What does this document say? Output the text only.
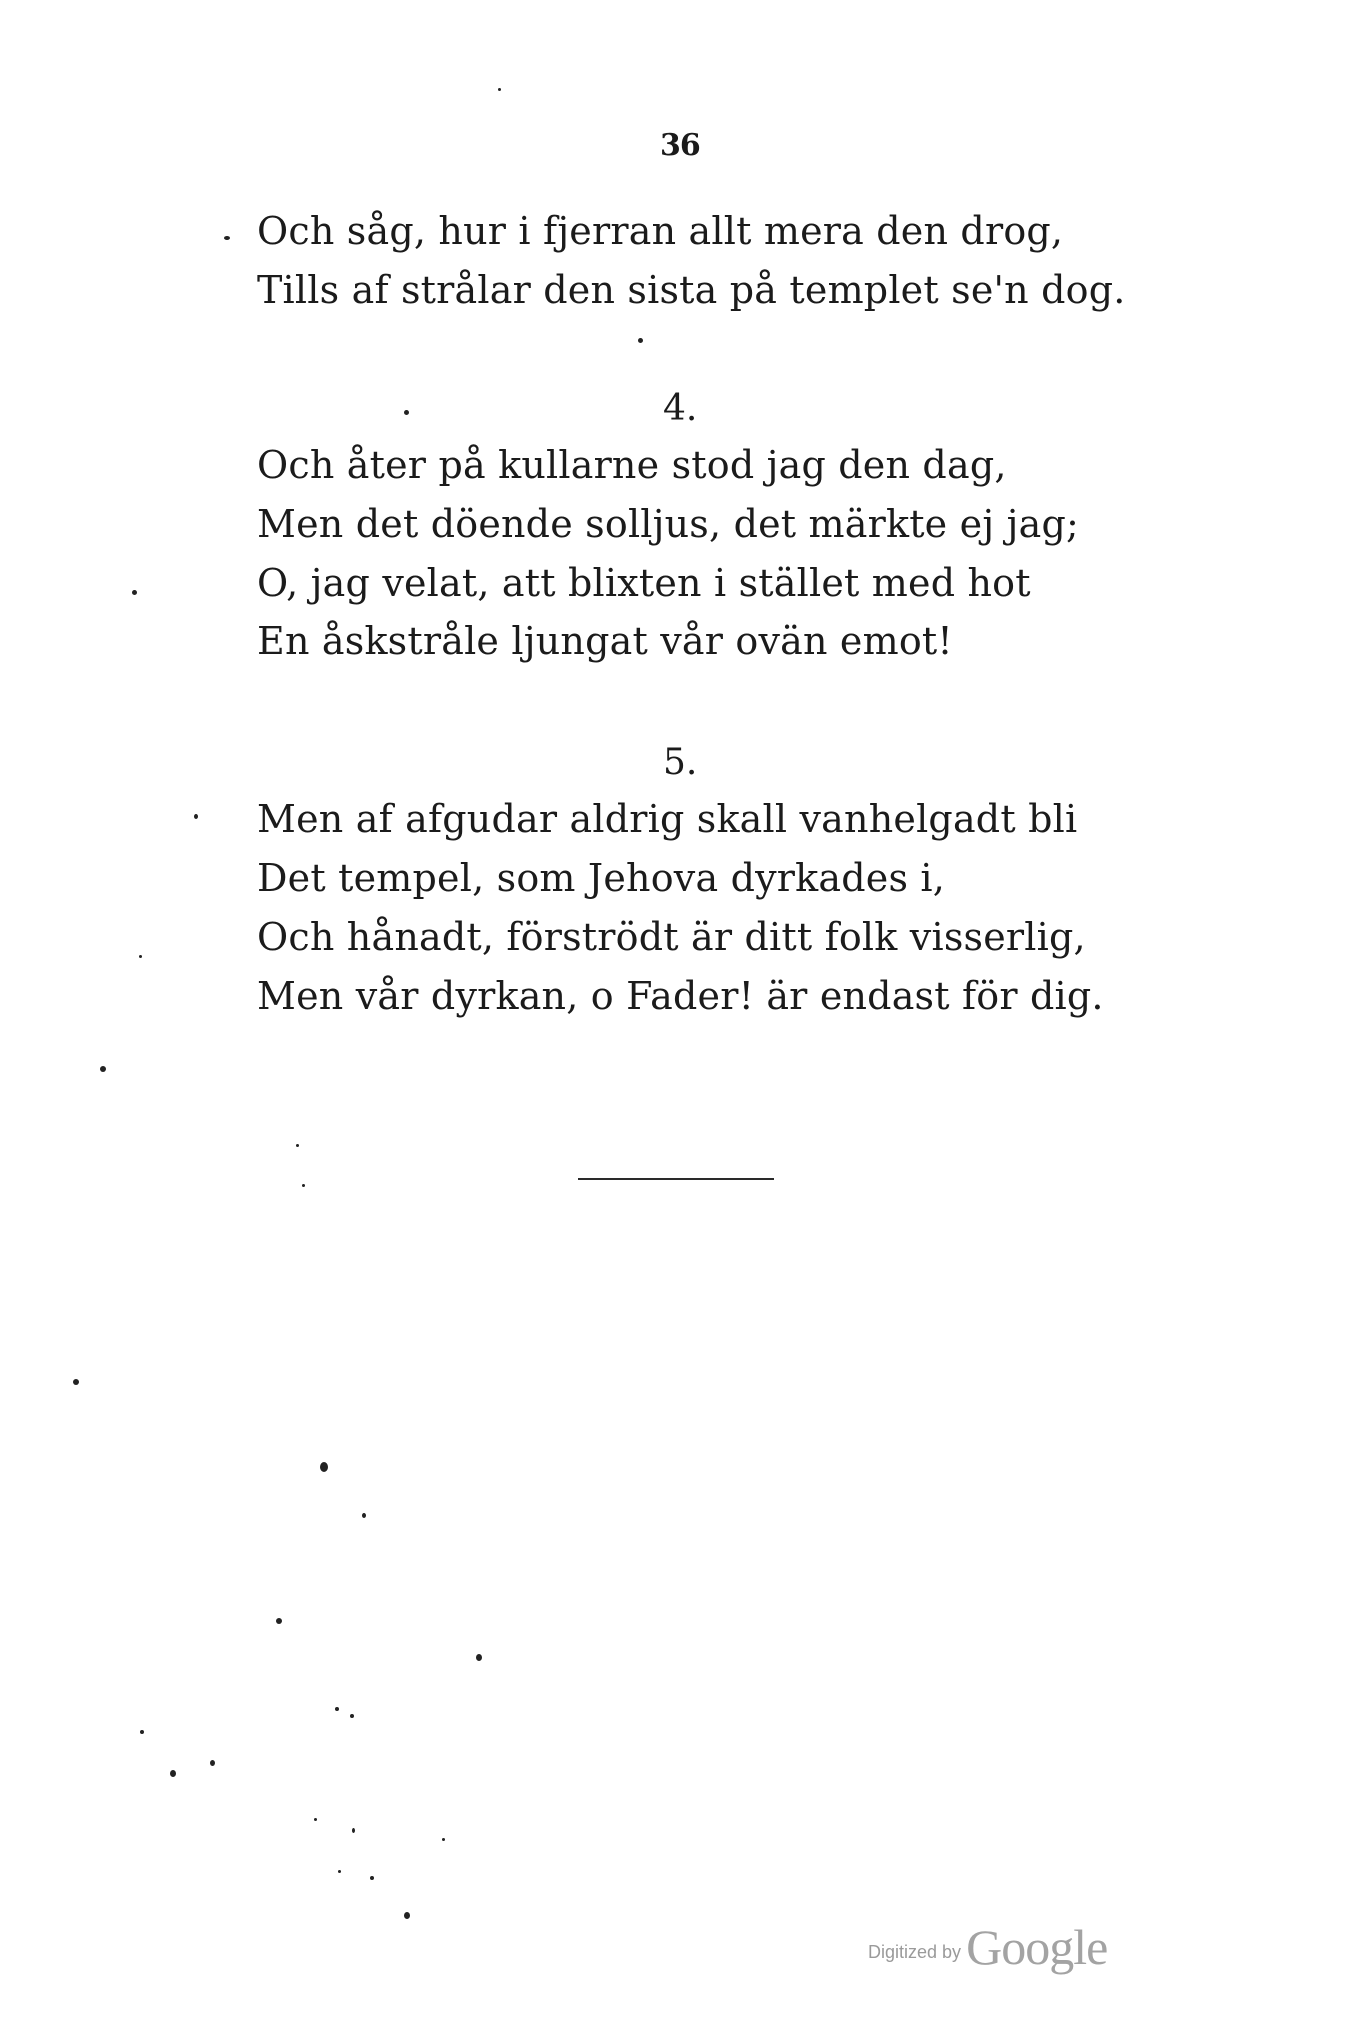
36
Och såg, hur i fjerran allt mera den drog,
Tills af strålar den sista på templet se'n dog.
4.
Och åter på kullarne stod jag den dag,
Men det döende solljus, det märkte ej jag;
O, jag velat, att blixten i stället med hot
En åskstråle ljungat vår ovän emot!
5.
Men af afgudar aldrig skall vanhelgadt bli
Det tempel, som Jehova dyrkades i,
Och hånadt, förströdt är ditt folk visserlig,
Men vår dyrkan, o Fader! är endast för dig.
Digitized by Google
